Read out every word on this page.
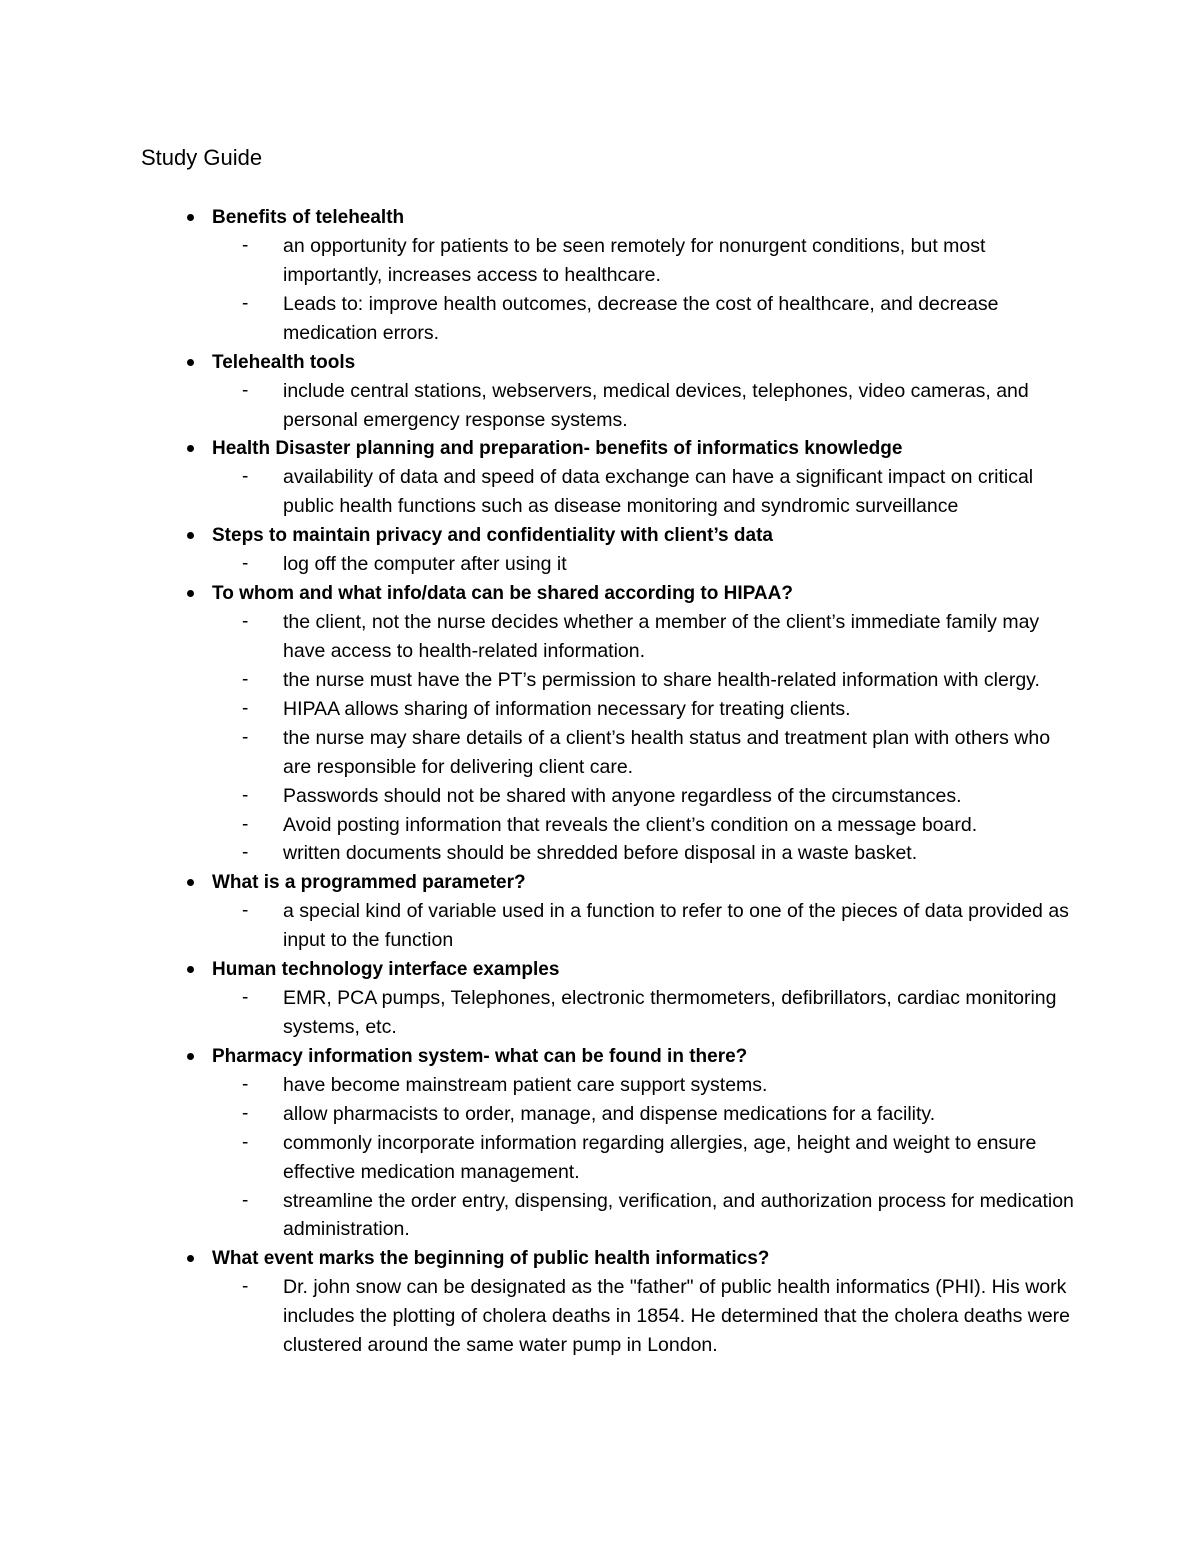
Study Guide
Benefits of telehealth
- an opportunity for patients to be seen remotely for nonurgent conditions, but most importantly, increases access to healthcare.
- Leads to: improve health outcomes, decrease the cost of healthcare, and decrease medication errors.
Telehealth tools
- include central stations, webservers, medical devices, telephones, video cameras, and personal emergency response systems.
Health Disaster planning and preparation- benefits of informatics knowledge
- availability of data and speed of data exchange can have a significant impact on critical public health functions such as disease monitoring and syndromic surveillance
Steps to maintain privacy and confidentiality with client’s data
- log off the computer after using it
To whom and what info/data can be shared according to HIPAA?
- the client, not the nurse decides whether a member of the client’s immediate family may have access to health-related information.
- the nurse must have the PT’s permission to share health-related information with clergy.
- HIPAA allows sharing of information necessary for treating clients.
- the nurse may share details of a client’s health status and treatment plan with others who are responsible for delivering client care.
- Passwords should not be shared with anyone regardless of the circumstances.
- Avoid posting information that reveals the client’s condition on a message board.
- written documents should be shredded before disposal in a waste basket.
What is a programmed parameter?
- a special kind of variable used in a function to refer to one of the pieces of data provided as input to the function
Human technology interface examples
- EMR, PCA pumps, Telephones, electronic thermometers, defibrillators, cardiac monitoring systems, etc.
Pharmacy information system- what can be found in there?
- have become mainstream patient care support systems.
- allow pharmacists to order, manage, and dispense medications for a facility.
- commonly incorporate information regarding allergies, age, height and weight to ensure effective medication management.
- streamline the order entry, dispensing, verification, and authorization process for medication administration.
What event marks the beginning of public health informatics?
- Dr. john snow can be designated as the "father" of public health informatics (PHI). His work includes the plotting of cholera deaths in 1854. He determined that the cholera deaths were clustered around the same water pump in London.
